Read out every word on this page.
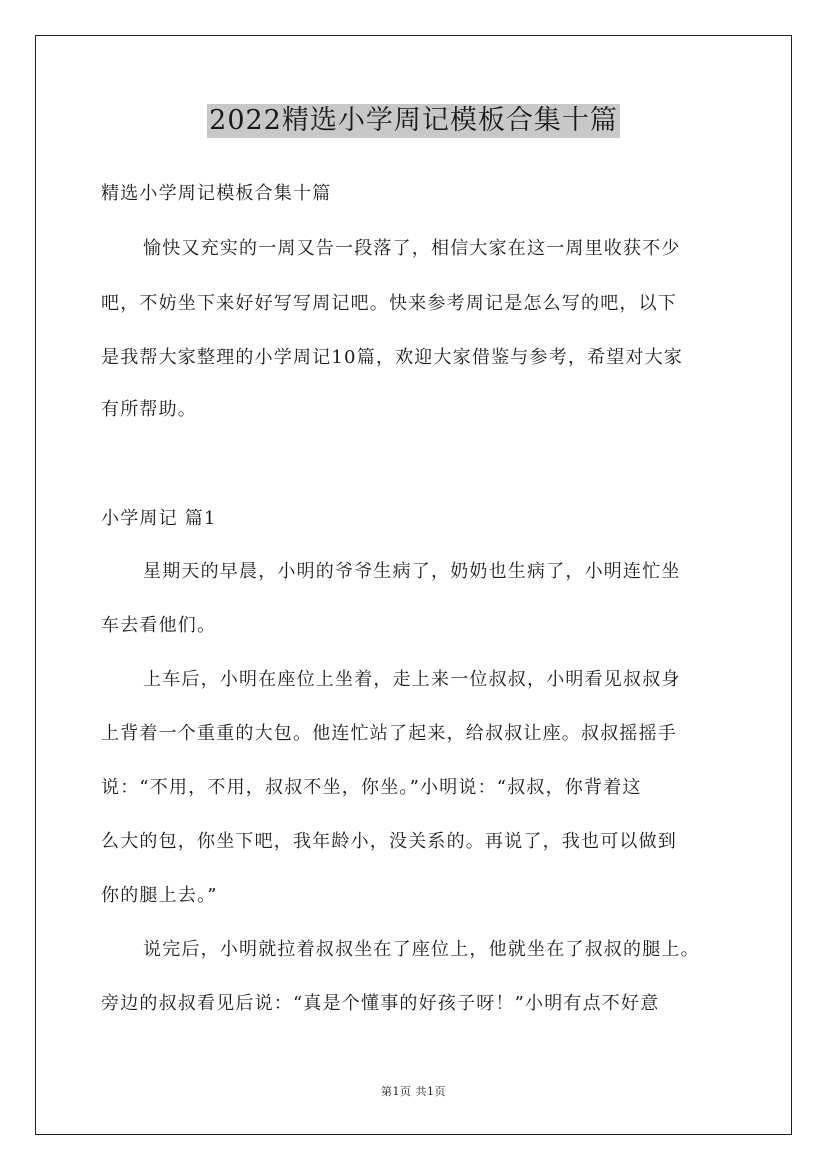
2022精选小学周记模板合集十篇
精选小学周记模板合集十篇
愉快又充实的一周又告一段落了，相信大家在这一周里收获不少
吧，不妨坐下来好好写写周记吧。快来参考周记是怎么写的吧，以下
是我帮大家整理的小学周记10篇，欢迎大家借鉴与参考，希望对大家
有所帮助。
小学周记 篇1
星期天的早晨，小明的爷爷生病了，奶奶也生病了，小明连忙坐
车去看他们。
上车后，小明在座位上坐着，走上来一位叔叔，小明看见叔叔身
上背着一个重重的大包。他连忙站了起来，给叔叔让座。叔叔摇摇手
说：“不用，不用，叔叔不坐，你坐。”小明说：“叔叔，你背着这
么大的包，你坐下吧，我年龄小，没关系的。再说了，我也可以做到
你的腿上去。”
说完后，小明就拉着叔叔坐在了座位上，他就坐在了叔叔的腿上。
旁边的叔叔看见后说：“真是个懂事的好孩子呀！”小明有点不好意
第1页 共1页
